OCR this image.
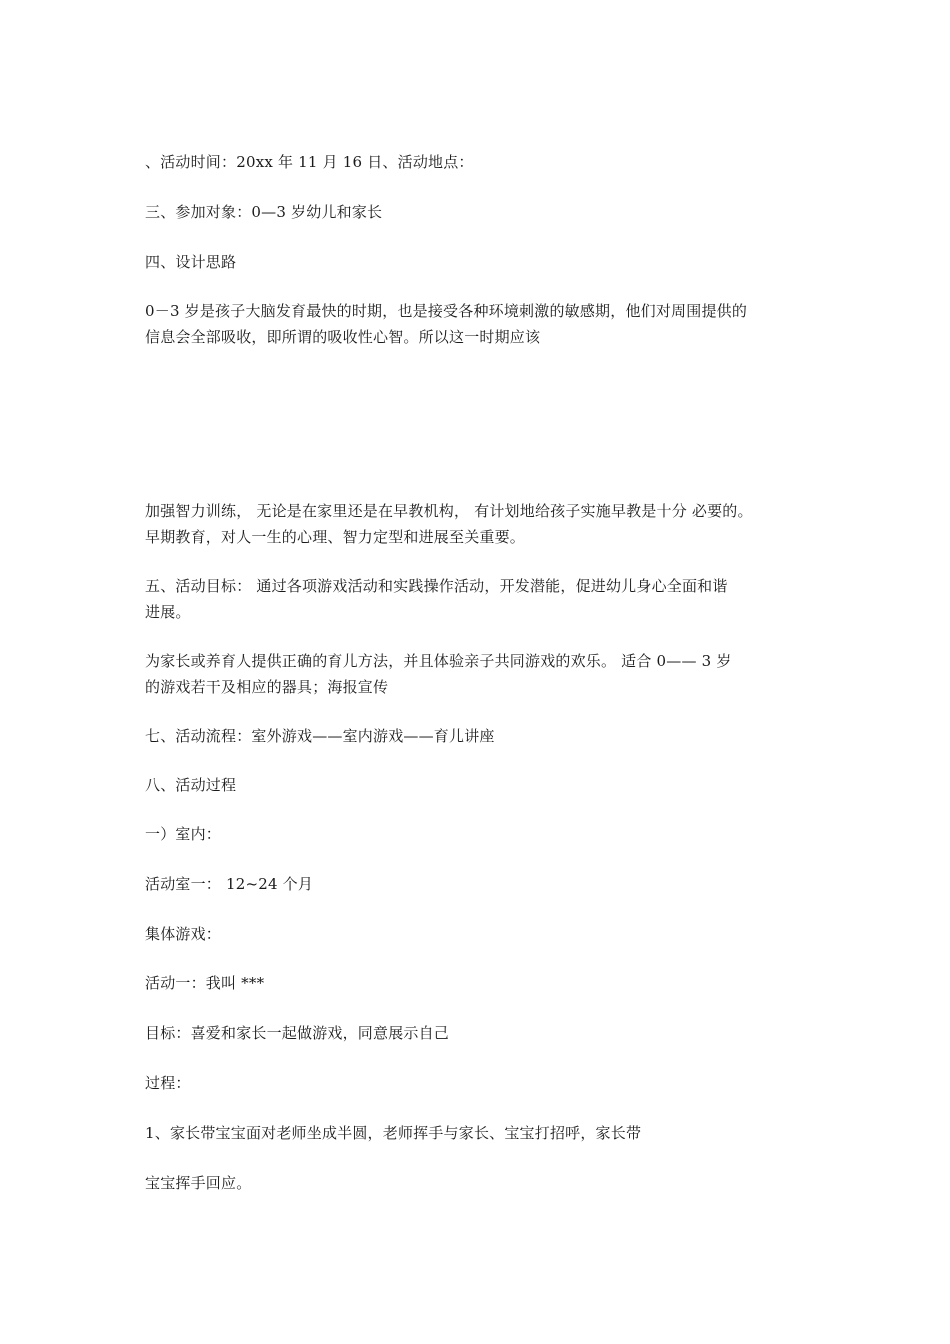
、活动时间：20xx 年 11 月 16 日、活动地点：
三、参加对象：0—3 岁幼儿和家长
四、设计思路
0－3 岁是孩子大脑发育最快的时期，也是接受各种环境刺激的敏感期，他们对周围提供的
信息会全部吸收，即所谓的吸收性心智。所以这一时期应该
加强智力训练， 无论是在家里还是在早教机构， 有计划地给孩子实施早教是十分 必要的。
早期教育，对人一生的心理、智力定型和进展至关重要。
五、活动目标： 通过各项游戏活动和实践操作活动，开发潜能，促进幼儿身心全面和谐
进展。
为家长或养育人提供正确的育儿方法，并且体验亲子共同游戏的欢乐。 适合 0—— 3 岁
的游戏若干及相应的器具；海报宣传
七、活动流程：室外游戏——室内游戏——育儿讲座
八、活动过程
一）室内：
活动室一： 12~24 个月
集体游戏：
活动一：我叫 ***
目标：喜爱和家长一起做游戏，同意展示自己
过程：
1、家长带宝宝面对老师坐成半圆，老师挥手与家长、宝宝打招呼，家长带
宝宝挥手回应。
